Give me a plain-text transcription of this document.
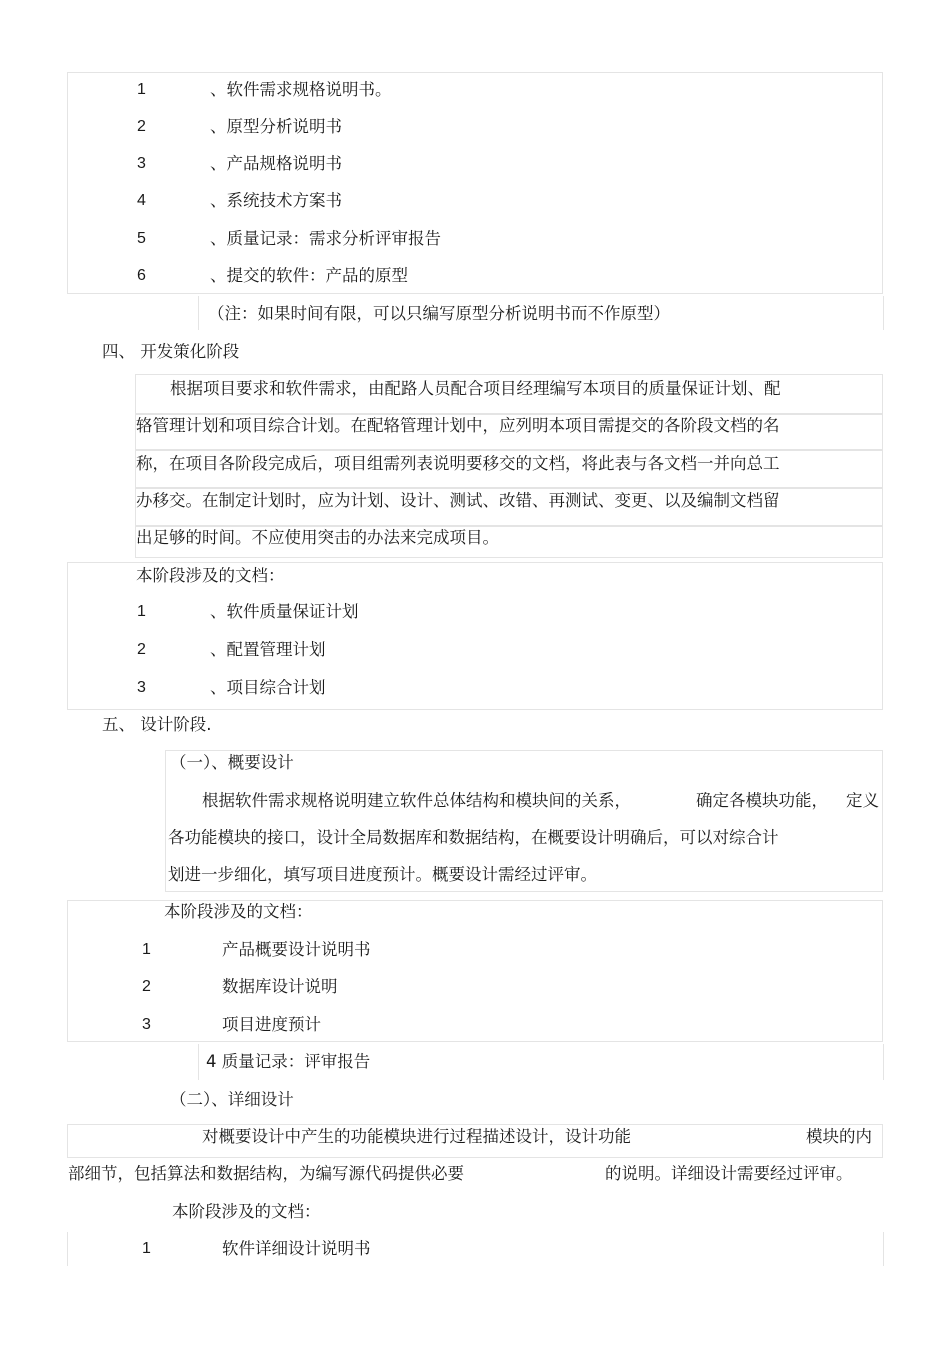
1	、软件需求规格说明书。
2	、原型分析说明书
3	、产品规格说明书
4	、系统技术方案书
5	、质量记录：需求分析评审报告
6	、提交的软件：产品的原型
（注：如果时间有限，可以只编写原型分析说明书而不作原型）
四、 开发策化阶段
根据项目要求和软件需求，由配路人员配合项目经理编写本项目的质量保证计划、配
辂管理计划和项目综合计划。在配辂管理计划中，应列明本项目需提交的各阶段文档的名
称，在项目各阶段完成后，项目组需列表说明要移交的文档，将此表与各文档一并向总工
办移交。在制定计划时，应为计划、设计、测试、改错、再测试、变更、以及编制文档留
出足够的时间。不应使用突击的办法来完成项目。
本阶段涉及的文档：
1	、软件质量保证计划
2	、配置管理计划
3	、项目综合计划
五、 设计阶段.
（一）、概要设计
根据软件需求规格说明建立软件总体结构和模块间的关系，	确定各模块功能， 定义
各功能模块的接口，设计全局数据库和数据结构，在概要设计明确后，可以对综合计
划进一步细化，填写项目进度预计。概要设计需经过评审。
本阶段涉及的文档：
1	产品概要设计说明书
2	数据库设计说明
3	项目进度预计
4 质量记录：评审报告
（二）、详细设计
对概要设计中产生的功能模块进行过程描述设计，设计功能	模块的内
部细节，包括算法和数据结构，为编写源代码提供必要	的说明。详细设计需要经过评审。
本阶段涉及的文档：
1	软件详细设计说明书
